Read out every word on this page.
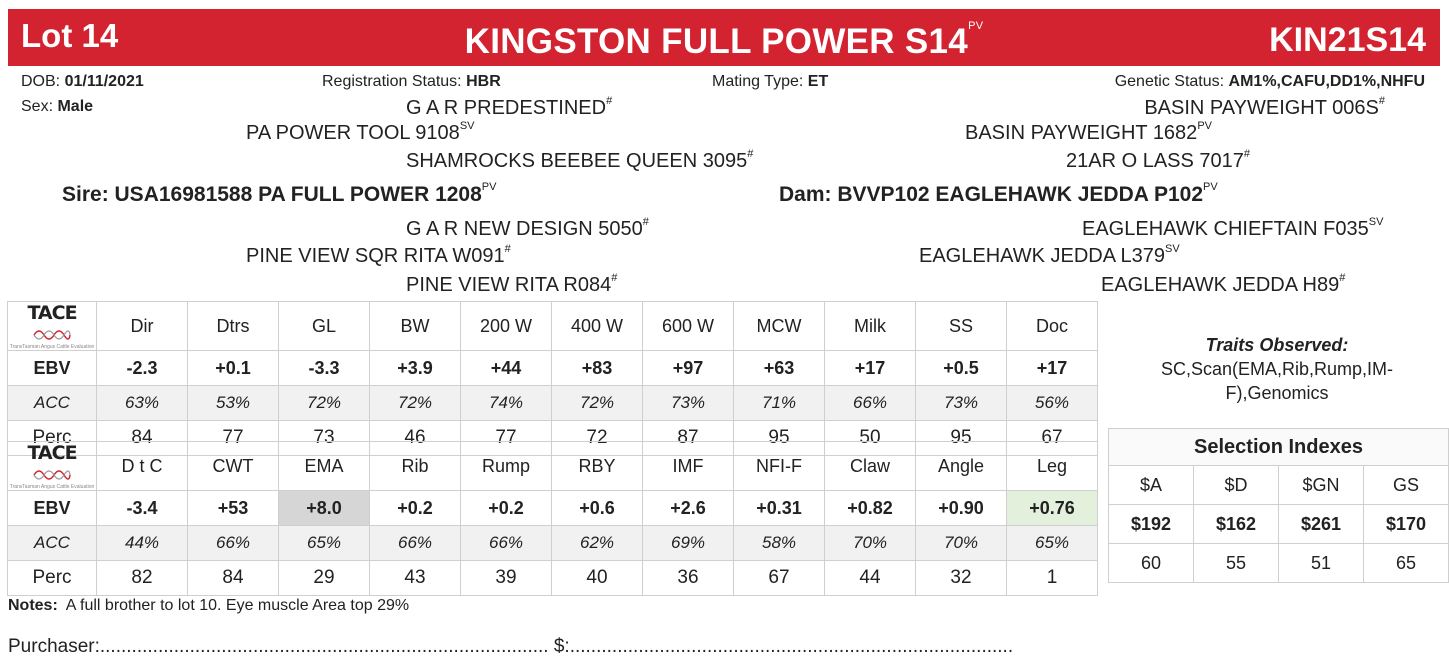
Lot 14	KINGSTON FULL POWER $S14^{PV}$	KIN21S14
DOB: 01/11/2021	Registration Status: HBR	Mating Type: ET	Genetic Status: AM1%,CAFU,DD1%,NHFU
Sex: Male	G A R PREDESTINED#
PA POWER TOOL $9108^{SV}$
SHAMROCKS BEEBEE QUEEN 3095#
Sire: USA16981588 PA FULL POWER $1208^{PV}$
G A R NEW DESIGN 5050#
PINE VIEW SQR RITA W091#
PINE VIEW RITA R084#
BASIN PAYWEIGHT 006S#
BASIN PAYWEIGHT $1682^{PV}$
21AR O LASS 7017#
Dam: BVVP102 EAGLEHAWK JEDDA $P102^{PV}$
EAGLEHAWK CHIEFTAIN $F035^{SV}$
EAGLEHAWK JEDDA $L379^{SV}$
EAGLEHAWK JEDDA H89#
TACE
TransTasman Angus Cattle Evaluation	Dir	Dtrs	GL	BW	200 W	400 W	600 W	MCW	Milk	SS	Doc
EBV	-2.3	+0.1	-3.3	+3.9	+44	+83	+97	+63	+17	+0.5	+17
ACC	63%	53%	72%	72%	74%	72%	73%	71%	66%	73%	56%
Perc	84	77	73	46	77	72	87	95	50	95	67
TACE
TransTasman Angus Cattle Evaluation	D t C	CWT	EMA	Rib	Rump	RBY	IMF	NFI-F	Claw	Angle	Leg
EBV	-3.4	+53	+8.0	+0.2	+0.2	+0.6	+2.6	+0.31	+0.82	+0.90	+0.76
ACC	44%	66%	65%	66%	66%	62%	69%	58%	70%	70%	65%
Perc	82	84	29	43	39	40	36	67	44	32	1
Traits Observed:
SC,Scan(EMA,Rib,Rump,IM-F),Genomics
Selection Indexes			
$A	$D	$GN	GS
$192	$162	$261	$170
60	55	51	65
Notes: A full brother to lot 10. Eye muscle Area top 29%
Purchaser:..................................................................................... $:....................................................................................
